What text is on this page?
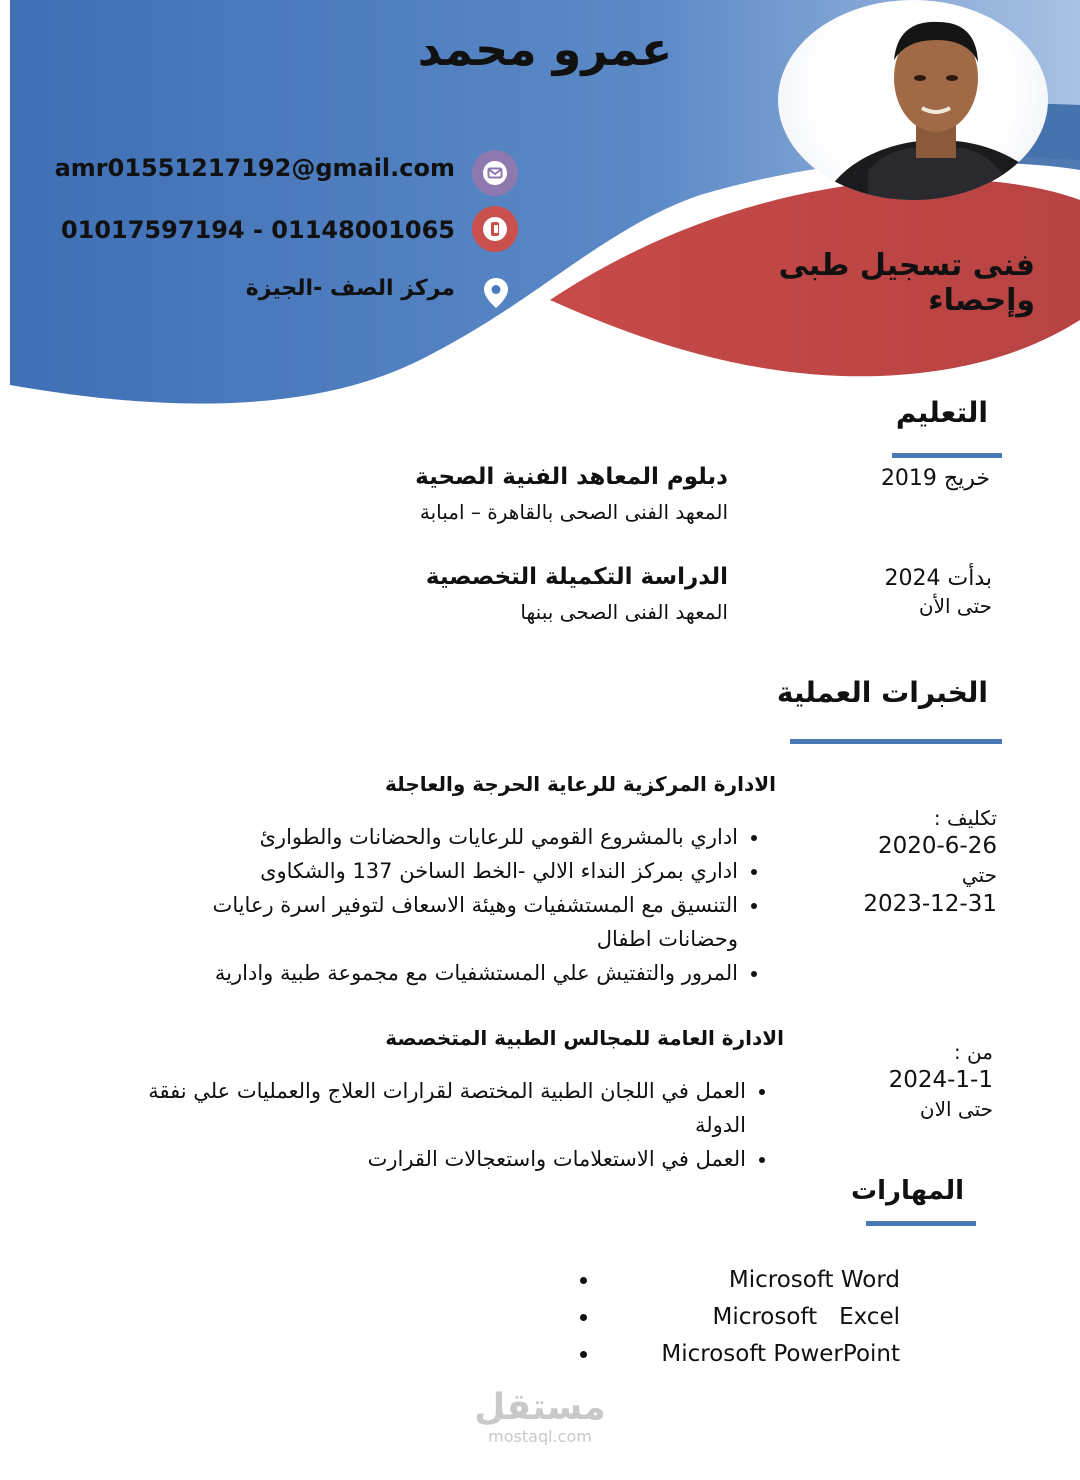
عمرو محمد
amr01551217192@gmail.com
01017597194 - 01148001065
مركز الصف -الجيزة
فنى تسجيل طبى وإحصاء
التعليم
خريج 2019
دبلوم المعاهد الفنية الصحية
المعهد الفنى الصحى بالقاهرة – امبابة
بدأت 2024
حتى الأن
الدراسة التكميلة التخصصية
المعهد الفنى الصحى ببنها
الخبرات العملية
الادارة المركزية للرعاية الحرجة والعاجلة
تكليف :
2020-6-26
حتي
2023-12-31
• اداري بالمشروع القومي للرعايات والحضانات والطوارئ
• اداري بمركز النداء الالي -الخط الساخن 137 والشكاوى
• التنسيق مع المستشفيات وهيئة الاسعاف لتوفير اسرة رعايات وحضانات اطفال
• المرور والتفتيش علي المستشفيات مع مجموعة طبية وادارية
الادارة العامة للمجالس الطبية المتخصصة
من :
2024-1-1
حتى الان
• العمل في اللجان الطبية المختصة لقرارات العلاج والعمليات علي نفقة الدولة
• العمل في الاستعلامات واستعجالات القرارت
المهارات
• Microsoft Word
• Microsoft   Excel
• Microsoft PowerPoint
مستقل
mostaql.com
